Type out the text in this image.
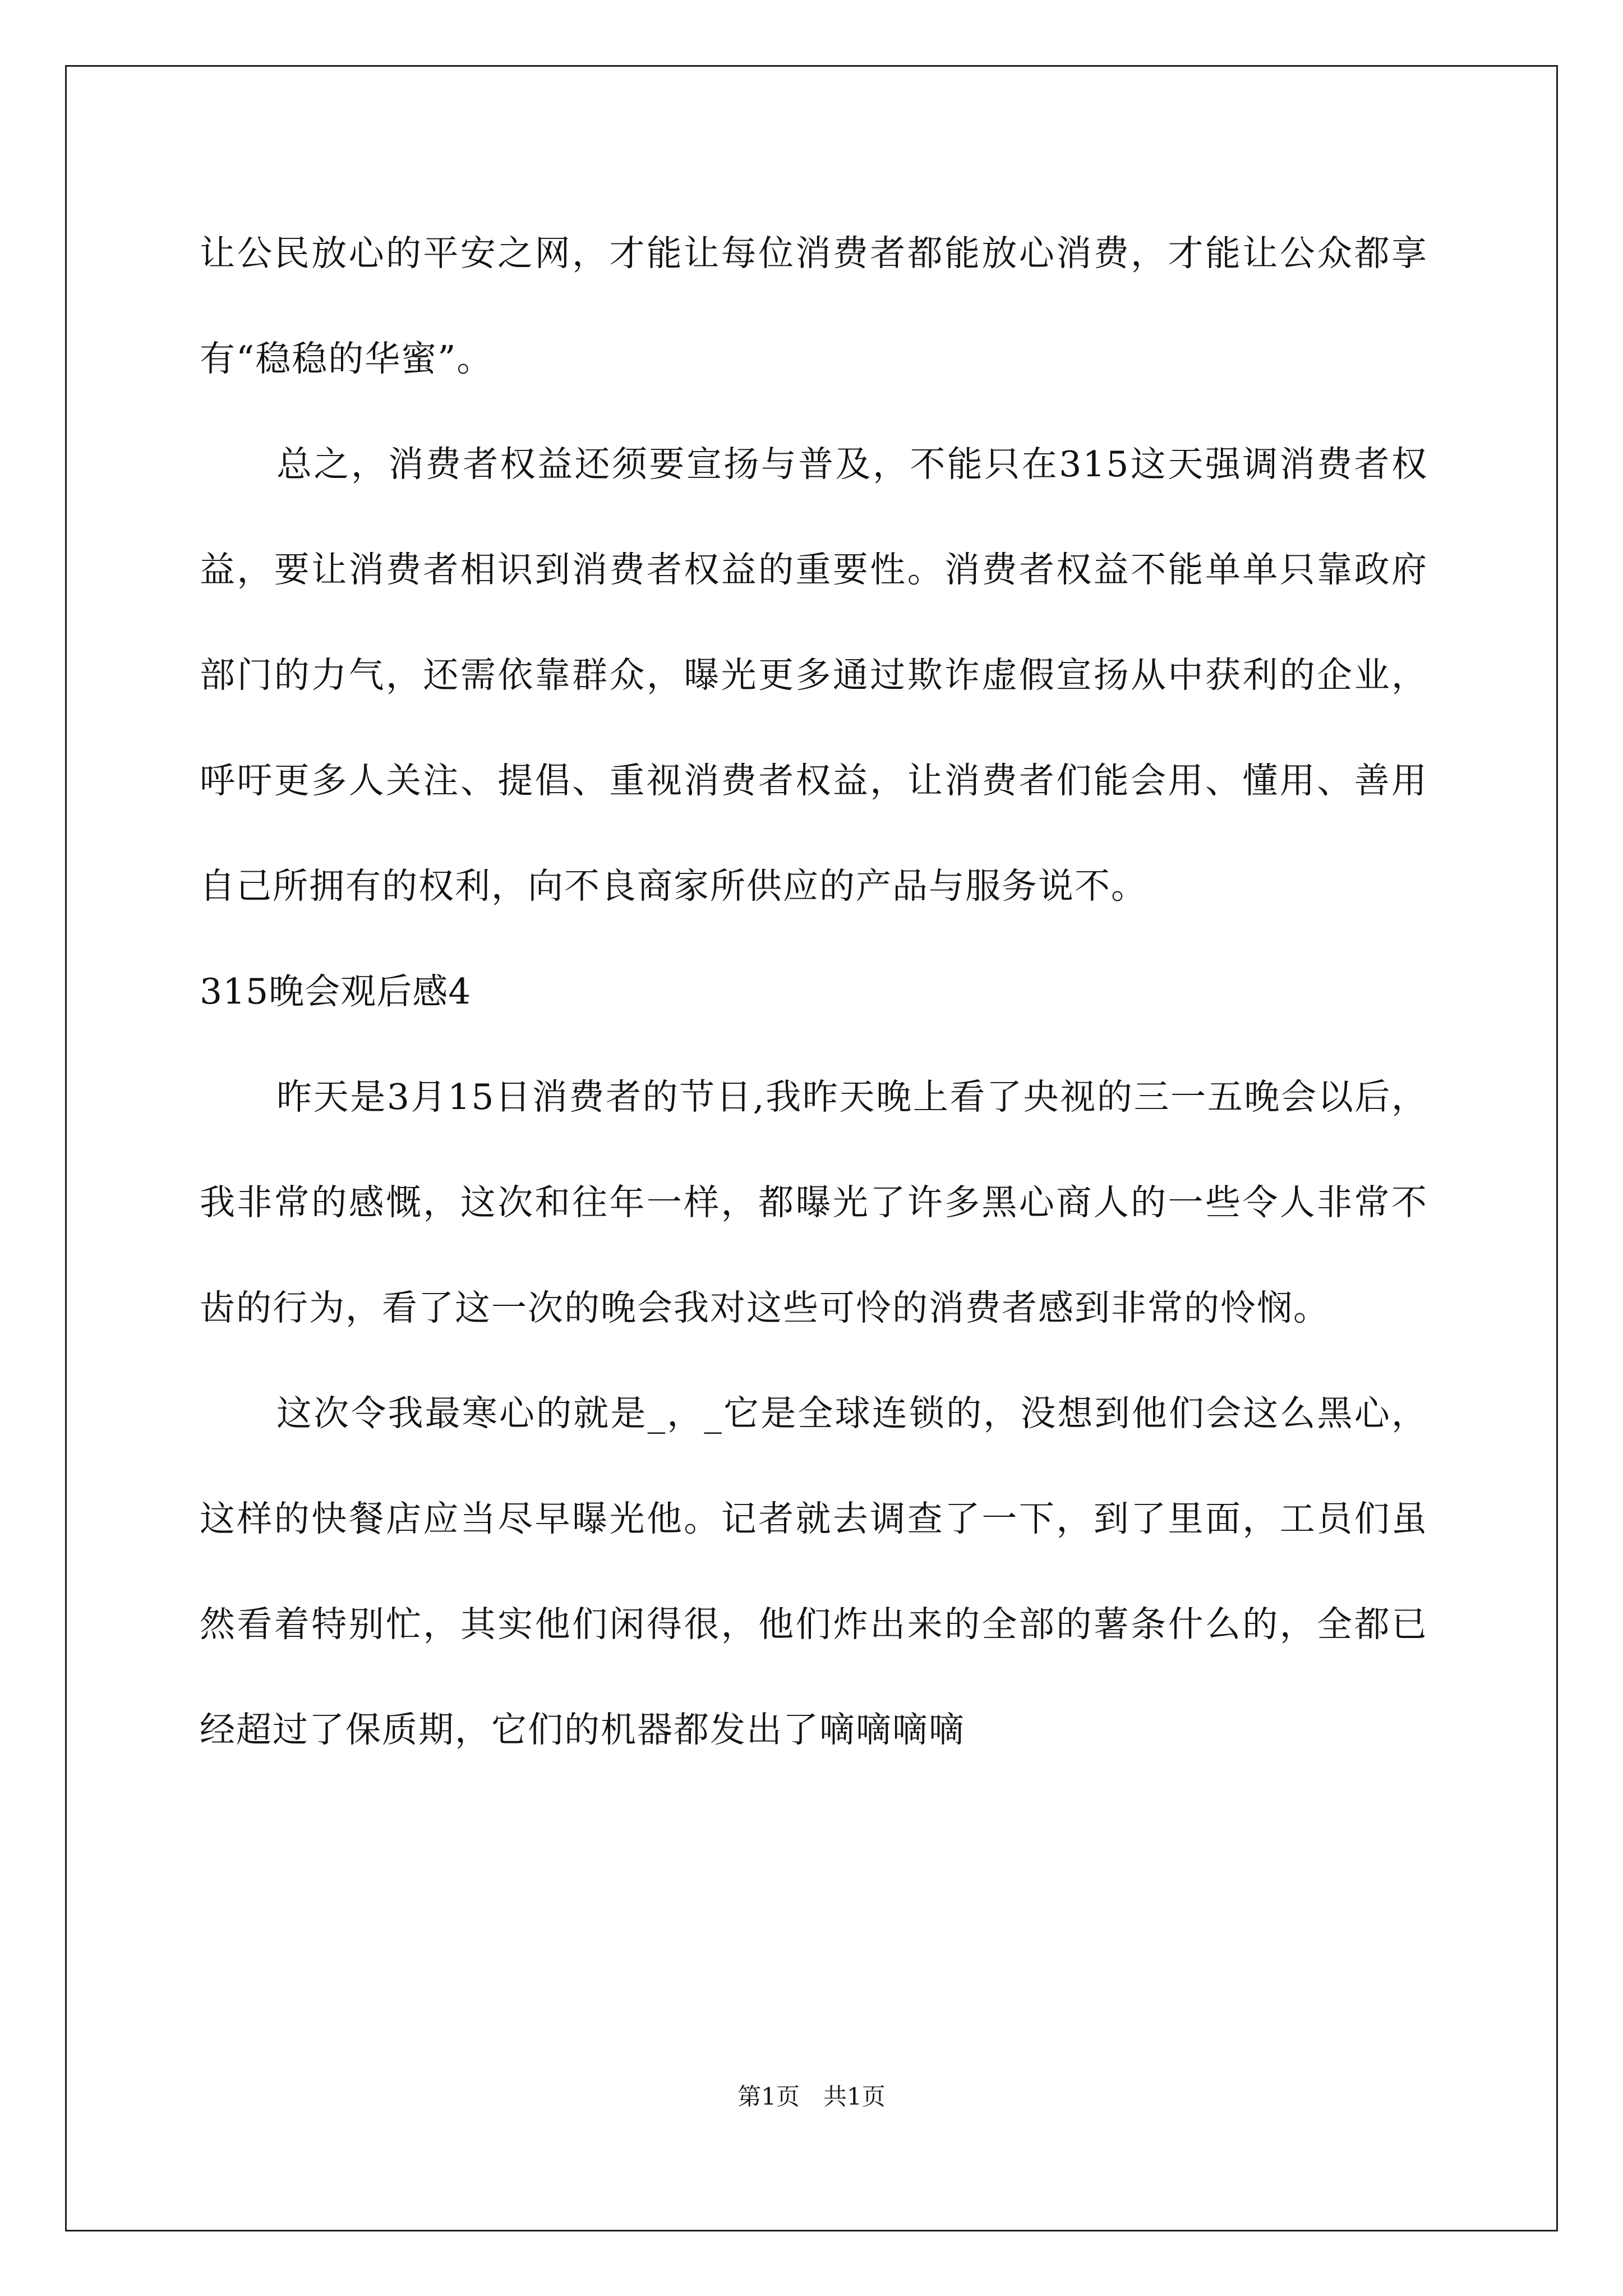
让公民放心的平安之网，才能让每位消费者都能放心消费，才能让公众都享有“稳稳的华蜜”。

总之，消费者权益还须要宣扬与普及，不能只在315这天强调消费者权益，要让消费者相识到消费者权益的重要性。消费者权益不能单单只靠政府部门的力气，还需依靠群众，曝光更多通过欺诈虚假宣扬从中获利的企业，呼吁更多人关注、提倡、重视消费者权益，让消费者们能会用、懂用、善用自己所拥有的权利，向不良商家所供应的产品与服务说不。

315晚会观后感4

昨天是3月15日消费者的节日,我昨天晚上看了央视的三一五晚会以后，我非常的感慨，这次和往年一样，都曝光了许多黑心商人的一些令人非常不齿的行为，看了这一次的晚会我对这些可怜的消费者感到非常的怜悯。

这次令我最寒心的就是_，_它是全球连锁的，没想到他们会这么黑心，这样的快餐店应当尽早曝光他。记者就去调查了一下，到了里面，工员们虽然看着特别忙，其实他们闲得很，他们炸出来的全部的薯条什么的，全都已经超过了保质期，它们的机器都发出了嘀嘀嘀嘀

第1页　共1页
